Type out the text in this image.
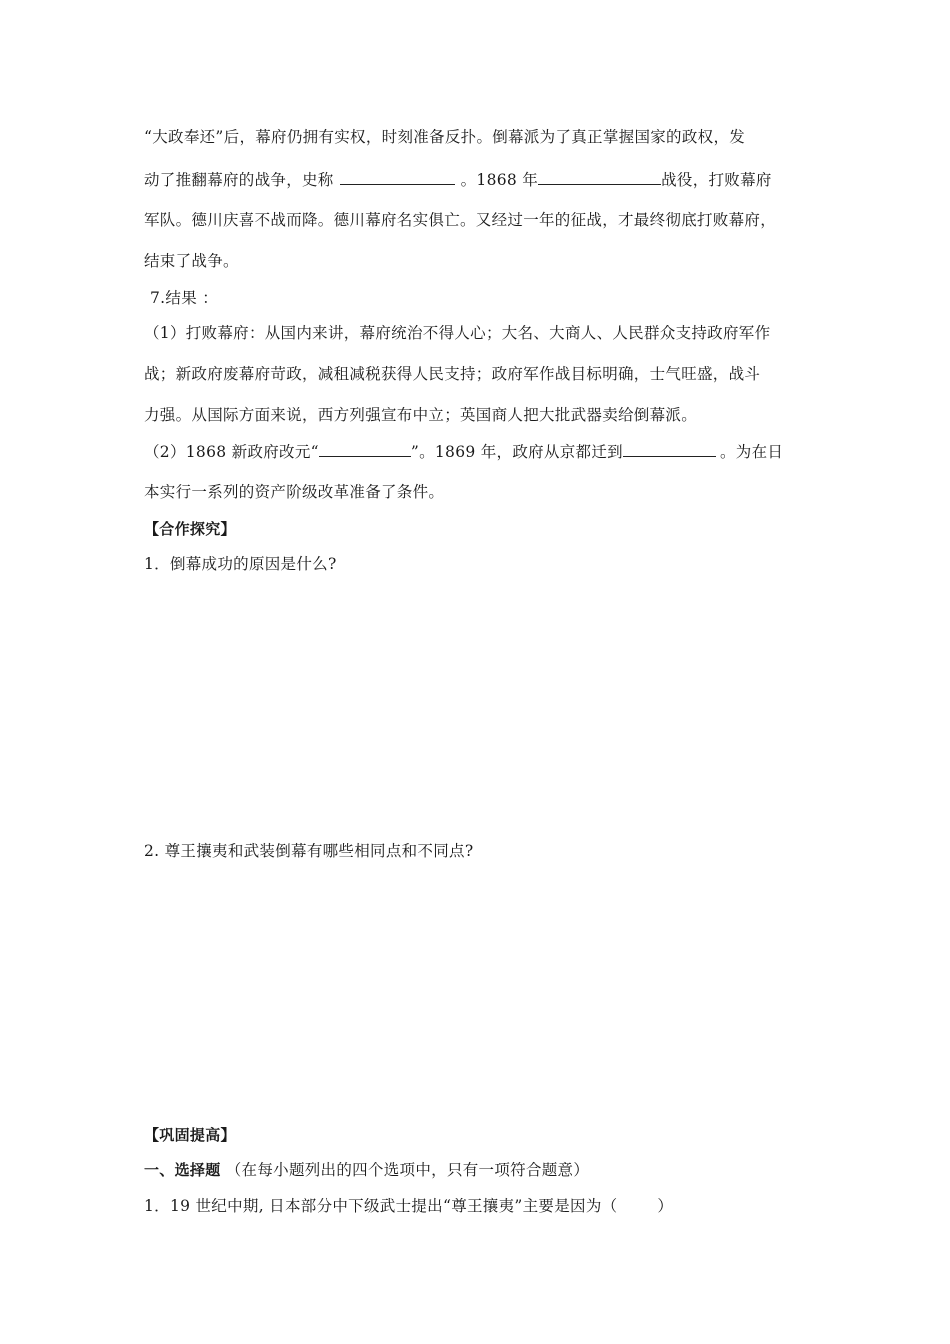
“大政奉还”后，幕府仍拥有实权，时刻准备反扑。倒幕派为了真正掌握国家的政权，发
动了推翻幕府的战争，史称	。1868 年	战役，打败幕府
军队。德川庆喜不战而降。德川幕府名实俱亡。又经过一年的征战，才最终彻底打败幕府，
结束了战争。
7.结果 ：
（1）打败幕府：从国内来讲，幕府统治不得人心；大名、大商人、人民群众支持政府军作
战；新政府废幕府苛政，减租减税获得人民支持；政府军作战目标明确，士气旺盛，战斗
力强。从国际方面来说，西方列强宣布中立；英国商人把大批武器卖给倒幕派。
（2）1868 新政府改元“	”。1869 年，政府从京都迁到	。为在日
本实行一系列的资产阶级改革准备了条件。
【合作探究】
1．倒幕成功的原因是什么?
2. 尊王攘夷和武装倒幕有哪些相同点和不同点?
【巩固提高】
一、选择题 （在每小题列出的四个选项中，只有一项符合题意）
1．19 世纪中期, 日本部分中下级武士提出“尊王攘夷”主要是因为（	）
